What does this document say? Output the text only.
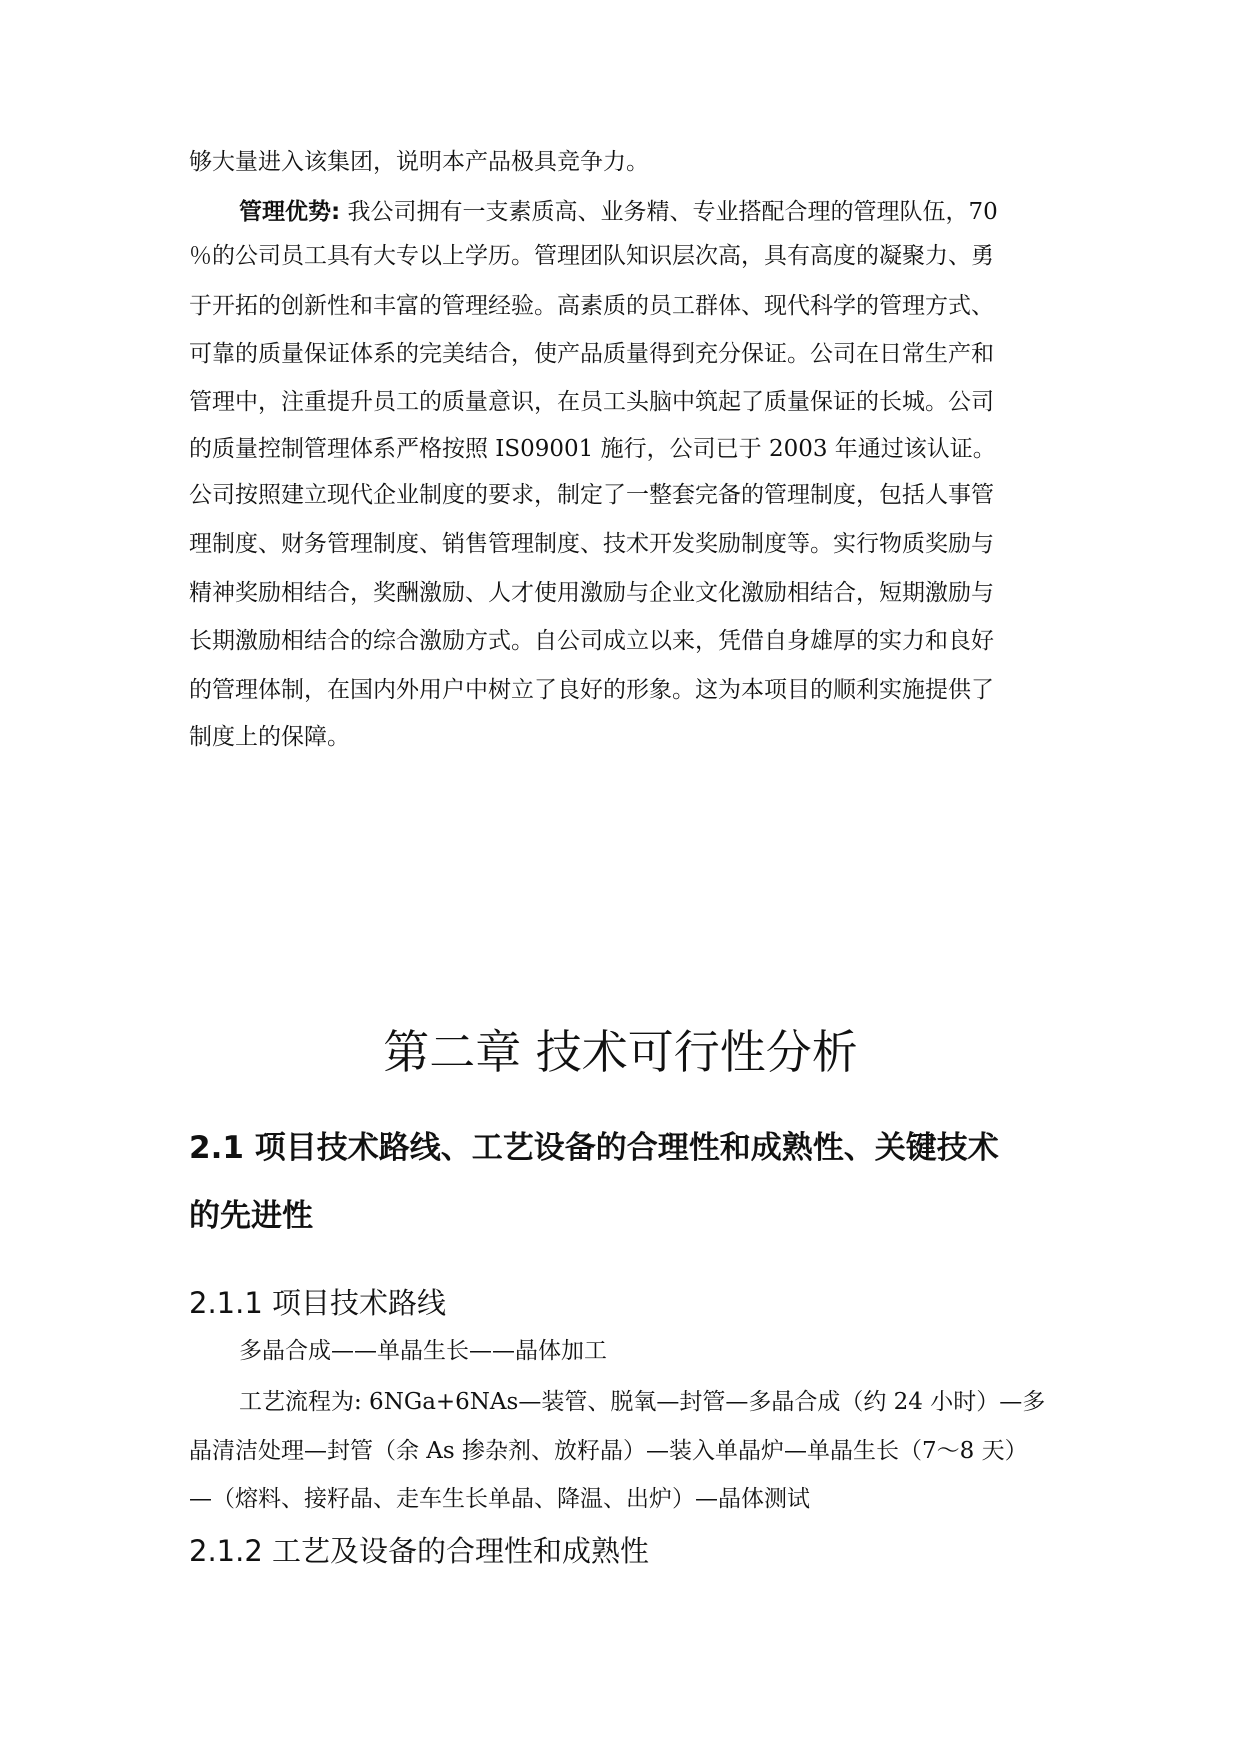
够大量进入该集团，说明本产品极具竞争力。
管理优势: 我公司拥有一支素质高、业务精、专业搭配合理的管理队伍，70
％的公司员工具有大专以上学历。管理团队知识层次高，具有高度的凝聚力、勇
于开拓的创新性和丰富的管理经验。高素质的员工群体、现代科学的管理方式、
可靠的质量保证体系的完美结合，使产品质量得到充分保证。公司在日常生产和
管理中，注重提升员工的质量意识，在员工头脑中筑起了质量保证的长城。公司
的质量控制管理体系严格按照 IS09001 施行，公司已于 2003 年通过该认证。
公司按照建立现代企业制度的要求，制定了一整套完备的管理制度，包括人事管
理制度、财务管理制度、销售管理制度、技术开发奖励制度等。实行物质奖励与
精神奖励相结合，奖酬激励、人才使用激励与企业文化激励相结合，短期激励与
长期激励相结合的综合激励方式。自公司成立以来，凭借自身雄厚的实力和良好
的管理体制，在国内外用户中树立了良好的形象。这为本项目的顺利实施提供了
制度上的保障。
第二章 技术可行性分析
2.1 项目技术路线、工艺设备的合理性和成熟性、关键技术
的先进性
2.1.1 项目技术路线
多晶合成——单晶生长——晶体加工
工艺流程为: 6NGa+6NAs—装管、脱氧—封管—多晶合成（约 24 小时）—多
晶清洁处理—封管（余 As 掺杂剂、放籽晶）—装入单晶炉—单晶生长（7～8 天）
—（熔料、接籽晶、走车生长单晶、降温、出炉）—晶体测试
2.1.2 工艺及设备的合理性和成熟性
